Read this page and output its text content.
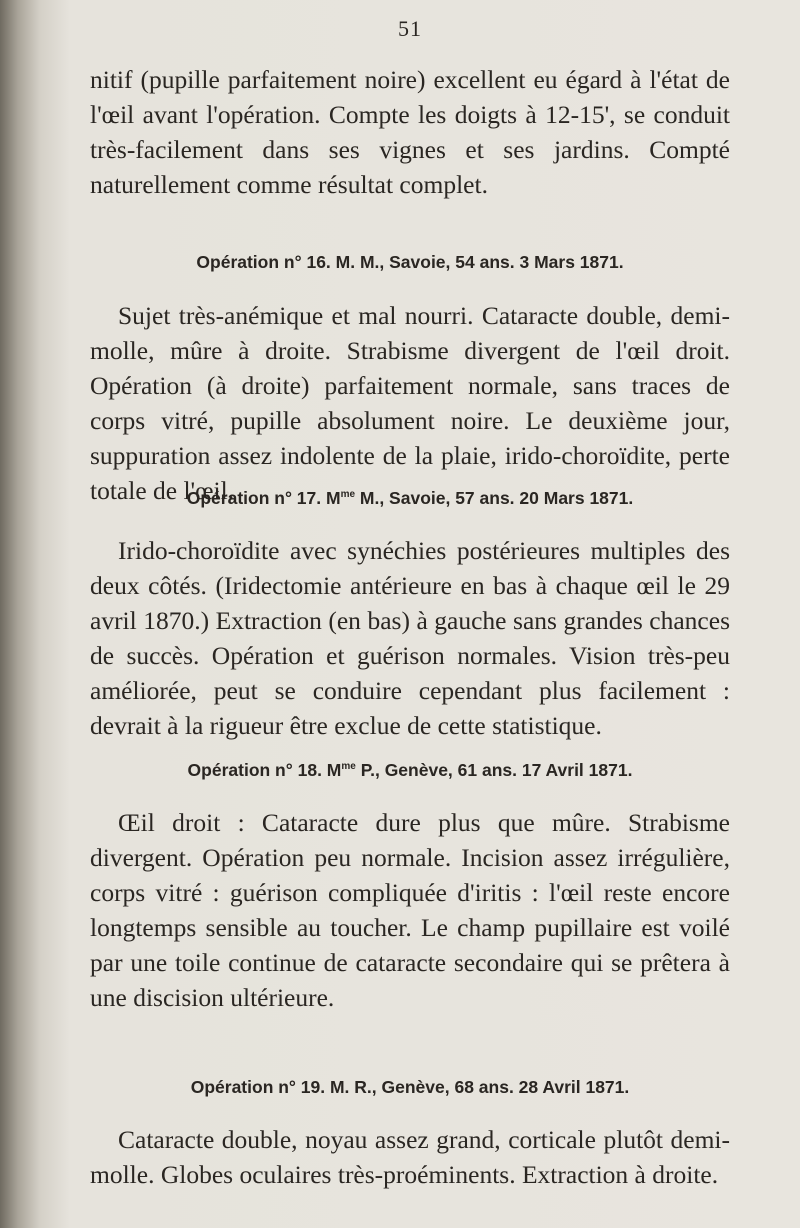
51

nitif (pupille parfaitement noire) excellent eu égard à l'état de l'œil avant l'opération. Compte les doigts à 12-15', se conduit très-facilement dans ses vignes et ses jardins. Compté naturellement comme résultat complet.

Opération n° 16. M. M., Savoie, 54 ans. 3 Mars 1871.

Sujet très-anémique et mal nourri. Cataracte double, demi-molle, mûre à droite. Strabisme divergent de l'œil droit. Opération (à droite) parfaitement normale, sans traces de corps vitré, pupille absolument noire. Le deuxième jour, suppuration assez indolente de la plaie, irido-choroïdite, perte totale de l'œil.

Opération n° 17. $M^{me}$ M., Savoie, 57 ans. 20 Mars 1871.

Irido-choroïdite avec synéchies postérieures multiples des deux côtés. (Iridectomie antérieure en bas à chaque œil le 29 avril 1870.) Extraction (en bas) à gauche sans grandes chances de succès. Opération et guérison normales. Vision très-peu améliorée, peut se conduire cependant plus facilement : devrait à la rigueur être exclue de cette statistique.

Opération n° 18. $M^{me}$ P., Genève, 61 ans. 17 Avril 1871.

Œil droit : Cataracte dure plus que mûre. Strabisme divergent. Opération peu normale. Incision assez irrégulière, corps vitré : guérison compliquée d'iritis : l'œil reste encore longtemps sensible au toucher. Le champ pupillaire est voilé par une toile continue de cataracte secondaire qui se prêtera à une discision ultérieure.

Opération n° 19. M. R., Genève, 68 ans. 28 Avril 1871.

Cataracte double, noyau assez grand, corticale plutôt demi-molle. Globes oculaires très-proéminents. Extraction à droite.
